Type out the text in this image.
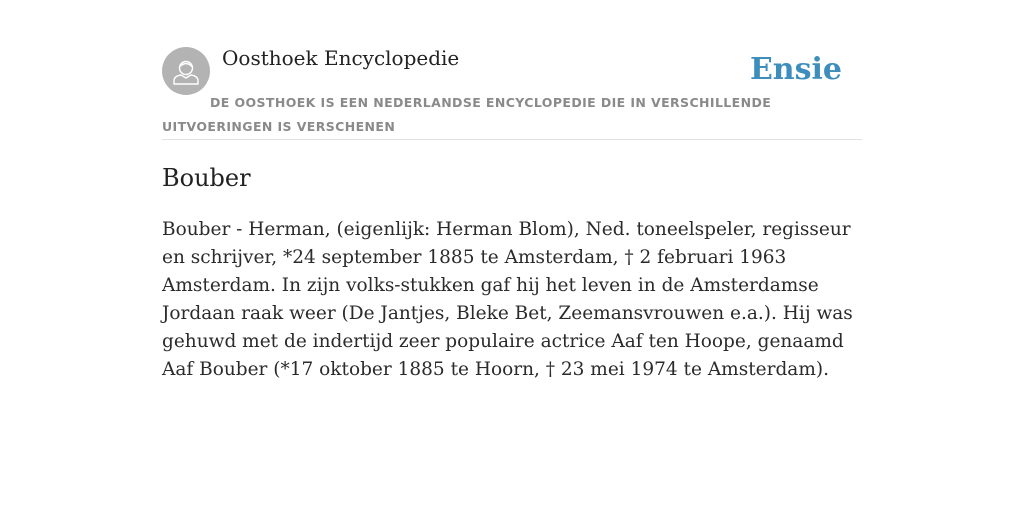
Oosthoek Encyclopedie	Ensie
DE OOSTHOEK IS EEN NEDERLANDSE ENCYCLOPEDIE DIE IN VERSCHILLENDE UITVOERINGEN IS VERSCHENEN
Bouber

Bouber - Herman, (eigenlijk: Herman Blom), Ned. toneelspeler, regisseur en schrijver, *24 september 1885 te Amsterdam, † 2 februari 1963 Amsterdam. In zijn volks-stukken gaf hij het leven in de Amsterdamse Jordaan raak weer (De Jantjes, Bleke Bet, Zeemansvrouwen e.a.). Hij was gehuwd met de indertijd zeer populaire actrice Aaf ten Hoope, genaamd Aaf Bouber (*17 oktober 1885 te Hoorn, † 23 mei 1974 te Amsterdam).
